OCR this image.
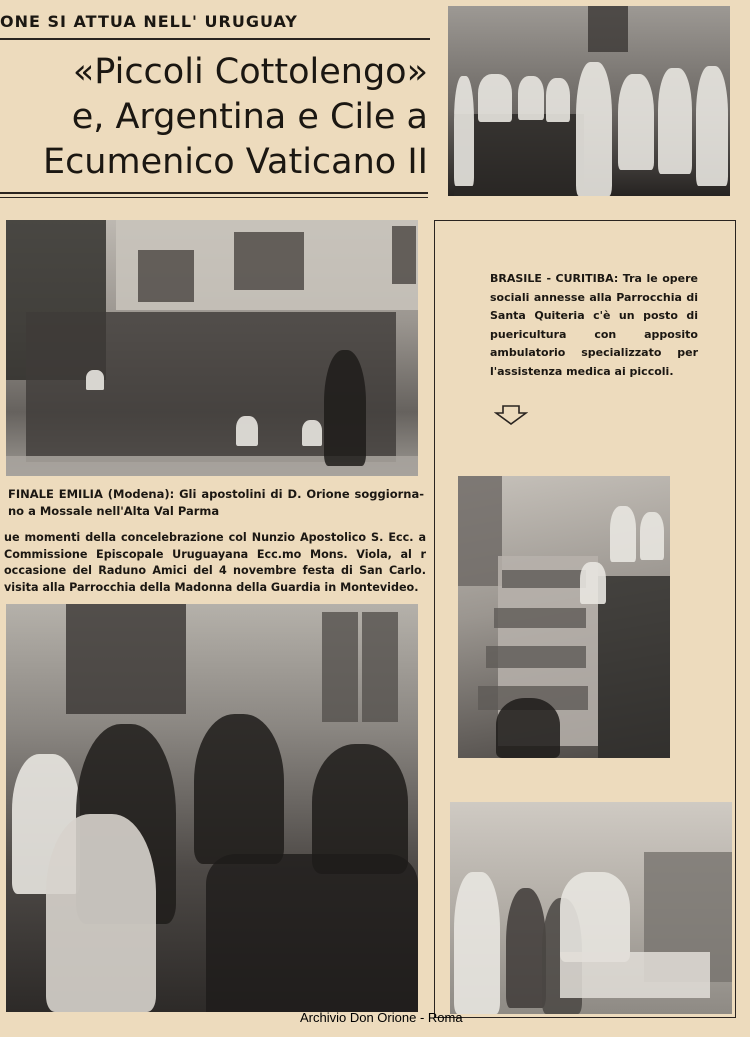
ONE SI ATTUA NELL' URUGUAY
«Piccoli Cottolengo»
e, Argentina e Cile a
Ecumenico Vaticano II
FINALE EMILIA (Modena): Gli apostolini di D. Orione soggiornano a Mossale nell'Alta Val Parma
ue momenti della concelebrazione col Nunzio Apostolico S. Ecc. a Commissione Episcopale Uruguayana Ecc.mo Mons. Viola, al r occasione del Raduno Amici del 4 novembre festa di San Carlo. visita alla Parrocchia della Madonna della Guardia in Montevideo.
BRASILE - CURITIBA: Tra le opere sociali annesse alla Parrocchia di Santa Quiteria c'è un posto di puericultura con apposito ambulatorio specializzato per l'assistenza medica ai piccoli.
Archivio Don Orione - Roma
